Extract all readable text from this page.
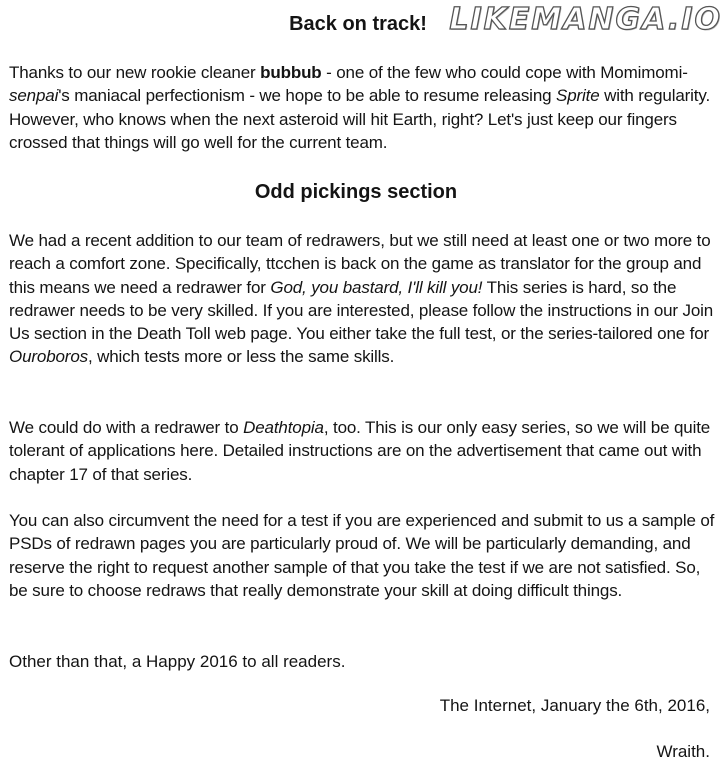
LIKEMANGA.IO
Back on track!

Thanks to our new rookie cleaner bubbub - one of the few who could cope with Momimomi-senpai's maniacal perfectionism - we hope to be able to resume releasing Sprite with regularity. However, who knows when the next asteroid will hit Earth, right? Let's just keep our fingers crossed that things will go well for the current team.

Odd pickings section

We had a recent addition to our team of redrawers, but we still need at least one or two more to reach a comfort zone. Specifically, ttcchen is back on the game as translator for the group and this means we need a redrawer for God, you bastard, I'll kill you! This series is hard, so the redrawer needs to be very skilled. If you are interested, please follow the instructions in our Join Us section in the Death Toll web page. You either take the full test, or the series-tailored one for Ouroboros, which tests more or less the same skills.

We could do with a redrawer to Deathtopia, too. This is our only easy series, so we will be quite tolerant of applications here. Detailed instructions are on the advertisement that came out with chapter 17 of that series.

You can also circumvent the need for a test if you are experienced and submit to us a sample of PSDs of redrawn pages you are particularly proud of. We will be particularly demanding, and reserve the right to request another sample of that you take the test if we are not satisfied. So, be sure to choose redraws that really demonstrate your skill at doing difficult things.

Other than that, a Happy 2016 to all readers.

The Internet, January the 6th, 2016,

Wraith.
